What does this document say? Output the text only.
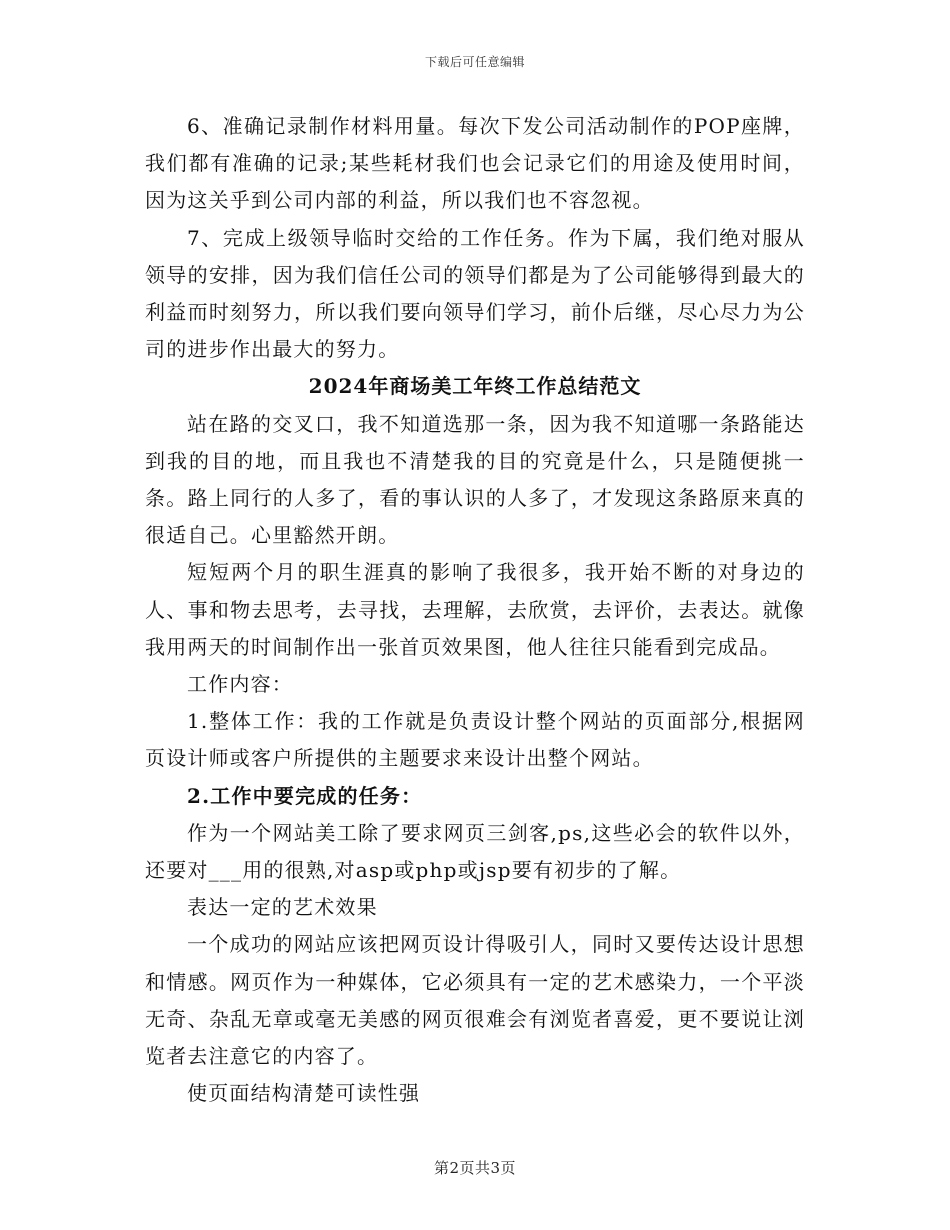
下载后可任意编辑

6、准确记录制作材料用量。每次下发公司活动制作的POP座牌，我们都有准确的记录;某些耗材我们也会记录它们的用途及使用时间，因为这关乎到公司内部的利益，所以我们也不容忽视。

7、完成上级领导临时交给的工作任务。作为下属，我们绝对服从领导的安排，因为我们信任公司的领导们都是为了公司能够得到最大的利益而时刻努力，所以我们要向领导们学习，前仆后继，尽心尽力为公司的进步作出最大的努力。

2024年商场美工年终工作总结范文

站在路的交叉口，我不知道选那一条，因为我不知道哪一条路能达到我的目的地，而且我也不清楚我的目的究竟是什么，只是随便挑一条。路上同行的人多了，看的事认识的人多了，才发现这条路原来真的很适自己。心里豁然开朗。

短短两个月的职生涯真的影响了我很多，我开始不断的对身边的人、事和物去思考，去寻找，去理解，去欣赏，去评价，去表达。就像我用两天的时间制作出一张首页效果图，他人往往只能看到完成品。

工作内容：

1.整体工作：我的工作就是负责设计整个网站的页面部分,根据网页设计师或客户所提供的主题要求来设计出整个网站。

2.工作中要完成的任务：

作为一个网站美工除了要求网页三剑客,ps,这些必会的软件以外，还要对___用的很熟,对asp或php或jsp要有初步的了解。

表达一定的艺术效果

一个成功的网站应该把网页设计得吸引人，同时又要传达设计思想和情感。网页作为一种媒体，它必须具有一定的艺术感染力，一个平淡无奇、杂乱无章或毫无美感的网页很难会有浏览者喜爱，更不要说让浏览者去注意它的内容了。

使页面结构清楚可读性强

第2页共3页
